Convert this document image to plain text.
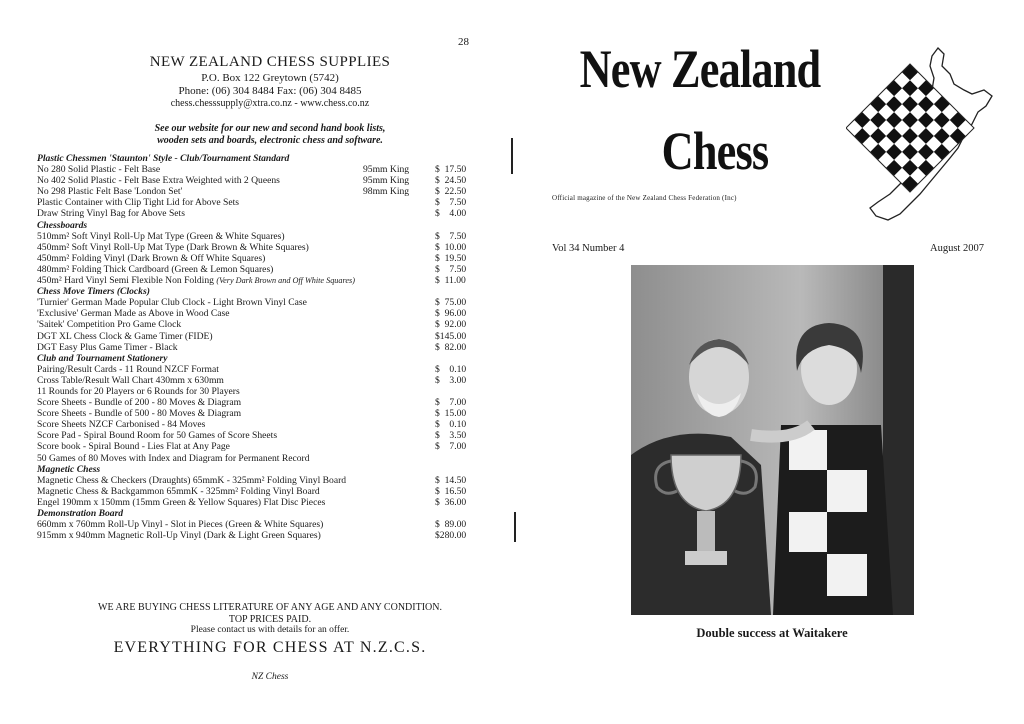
28
NEW ZEALAND CHESS SUPPLIES
P.O. Box 122 Greytown (5742)
Phone: (06) 304 8484 Fax: (06) 304 8485
chess.chesssupply@xtra.co.nz - www.chess.co.nz
See our website for our new and second hand book lists,
wooden sets and boards, electronic chess and software.
Plastic Chessmen 'Staunton' Style - Club/Tournament Standard
No 280 Solid Plastic - Felt Base	95mm King	$  17.50
No 402 Solid Plastic - Felt Base Extra Weighted with 2 Queens	95mm King	$  24.50
No 298 Plastic Felt Base 'London Set'	98mm King	$  22.50
Plastic Container with Clip Tight Lid for Above Sets	$    7.50
Draw String Vinyl Bag for Above Sets	$    4.00
Chessboards
510mm² Soft Vinyl Roll-Up Mat Type (Green & White Squares)	$    7.50
450mm² Soft Vinyl Roll-Up Mat Type (Dark Brown & White Squares)	$  10.00
450mm² Folding Vinyl (Dark Brown & Off White Squares)	$  19.50
480mm² Folding Thick Cardboard (Green & Lemon Squares)	$    7.50
450m² Hard Vinyl Semi Flexible Non Folding (Very Dark Brown and Off White Squares)	$  11.00
Chess Move Timers (Clocks)
'Turnier' German Made Popular Club Clock - Light Brown Vinyl Case	$  75.00
'Exclusive' German Made as Above in Wood Case	$  96.00
'Saitek' Competition Pro Game Clock	$  92.00
DGT XL Chess Clock & Game Timer (FIDE)	$145.00
DGT Easy Plus Game Timer - Black	$  82.00
Club and Tournament Stationery
Pairing/Result Cards - 11 Round NZCF Format	$    0.10
Cross Table/Result Wall Chart 430mm x 630mm	$    3.00
11 Rounds for 20 Players or 6 Rounds for 30 Players
Score Sheets - Bundle of 200 - 80 Moves & Diagram	$    7.00
Score Sheets - Bundle of 500 - 80 Moves & Diagram	$  15.00
Score Sheets NZCF Carbonised - 84 Moves	$    0.10
Score Pad - Spiral Bound Room for 50 Games of Score Sheets	$    3.50
Score book - Spiral Bound - Lies Flat at Any Page	$    7.00
50 Games of 80 Moves with Index and Diagram for Permanent Record
Magnetic Chess
Magnetic Chess & Checkers (Draughts) 65mmK - 325mm² Folding Vinyl Board	$  14.50
Magnetic Chess & Backgammon 65mmK - 325mm² Folding Vinyl Board	$  16.50
Engel 190mm x 150mm (15mm Green & Yellow Squares) Flat Disc Pieces	$  36.00
Demonstration Board
660mm x 760mm Roll-Up Vinyl - Slot in Pieces (Green & White Squares)	$  89.00
915mm x 940mm Magnetic Roll-Up Vinyl (Dark & Light Green Squares)	$280.00
WE ARE BUYING CHESS LITERATURE OF ANY AGE AND ANY CONDITION.
TOP PRICES PAID.
Please contact us with details for an offer.
EVERYTHING FOR CHESS AT N.Z.C.S.
NZ Chess
New Zealand
Chess
Official magazine of the New Zealand Chess Federation (Inc)
Vol 34 Number 4	August 2007
Double success at Waitakere
